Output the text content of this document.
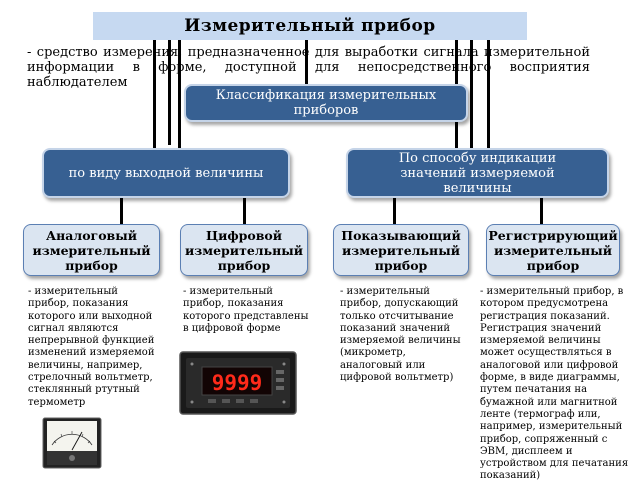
Измерительный прибор
- средство измерения, предназначенное для выработки сигнала измерительной информации в форме, доступной для непосредственного восприятия наблюдателем
Классификация измерительных приборов
по виду выходной величины
По способу индикации значений измеряемой величины
Аналоговый измерительный прибор
Цифровой измерительный прибор
Показывающий измерительный прибор
Регистрирующий измерительный прибор
- измерительный прибор, показания которого или выходной сигнал являются непрерывной функцией изменений измеряемой величины, например, стрелочный вольтметр, стеклянный ртутный термометр
- измерительный прибор, показания которого представлены в цифровой форме
- измерительный прибор, допускающий только отсчитывание показаний значений измеряемой величины (микрометр, аналоговый или цифровой вольтметр)
- измерительный прибор, в котором предусмотрена регистрация показаний. Регистрация значений измеряемой величины может осуществляться в аналоговой или цифровой форме, в виде диаграммы, путем печатания на бумажной или магнитной ленте (термограф или, например, измерительный прибор, сопряженный с ЭВМ, дисплеем и устройством для печатания показаний)
9999
